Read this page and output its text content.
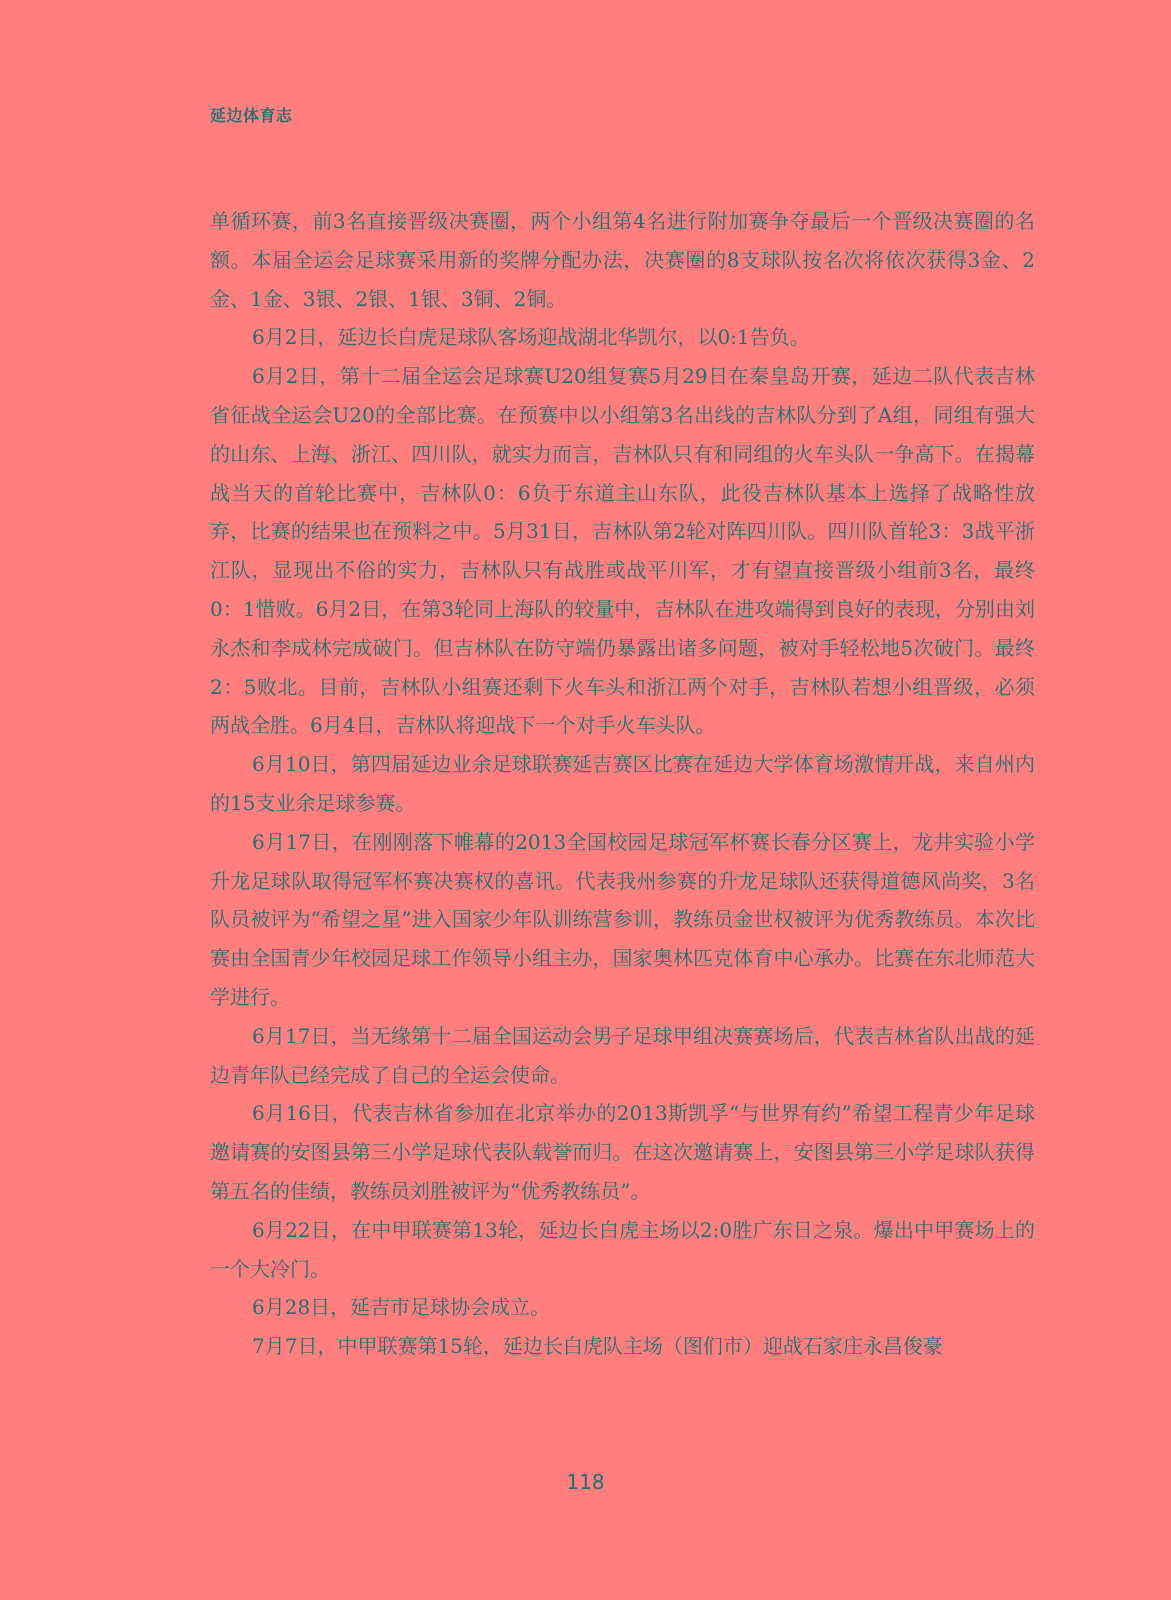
延边体育志

单循环赛，前3名直接晋级决赛圈，两个小组第4名进行附加赛争夺最后一个晋级决赛圈的名额。本届全运会足球赛采用新的奖牌分配办法，决赛圈的8支球队按名次将依次获得3金、2金、1金、3银、2银、1银、3铜、2铜。

6月2日，延边长白虎足球队客场迎战湖北华凯尔，以0:1告负。

6月2日，第十二届全运会足球赛U20组复赛5月29日在秦皇岛开赛，延边二队代表吉林省征战全运会U20的全部比赛。在预赛中以小组第3名出线的吉林队分到了A组，同组有强大的山东、上海、浙江、四川队，就实力而言，吉林队只有和同组的火车头队一争高下。在揭幕战当天的首轮比赛中，吉林队0：6负于东道主山东队，此役吉林队基本上选择了战略性放弃，比赛的结果也在预料之中。5月31日，吉林队第2轮对阵四川队。四川队首轮3：3战平浙江队，显现出不俗的实力，吉林队只有战胜或战平川军，才有望直接晋级小组前3名，最终0：1惜败。6月2日，在第3轮同上海队的较量中，吉林队在进攻端得到良好的表现，分别由刘永杰和李成林完成破门。但吉林队在防守端仍暴露出诸多问题，被对手轻松地5次破门。最终2：5败北。目前，吉林队小组赛还剩下火车头和浙江两个对手，吉林队若想小组晋级，必须两战全胜。6月4日，吉林队将迎战下一个对手火车头队。

6月10日，第四届延边业余足球联赛延吉赛区比赛在延边大学体育场激情开战，来自州内的15支业余足球参赛。

6月17日，在刚刚落下帷幕的2013全国校园足球冠军杯赛长春分区赛上，龙井实验小学升龙足球队取得冠军杯赛决赛权的喜讯。代表我州参赛的升龙足球队还获得道德风尚奖，3名队员被评为“希望之星”进入国家少年队训练营参训，教练员金世权被评为优秀教练员。本次比赛由全国青少年校园足球工作领导小组主办，国家奥林匹克体育中心承办。比赛在东北师范大学进行。

6月17日，当无缘第十二届全国运动会男子足球甲组决赛赛场后，代表吉林省队出战的延边青年队已经完成了自己的全运会使命。

6月16日，代表吉林省参加在北京举办的2013斯凯孚“与世界有约”希望工程青少年足球邀请赛的安图县第三小学足球代表队载誉而归。在这次邀请赛上，安图县第三小学足球队获得第五名的佳绩，教练员刘胜被评为“优秀教练员”。

6月22日，在中甲联赛第13轮，延边长白虎主场以2:0胜广东日之泉。爆出中甲赛场上的一个大冷门。

6月28日，延吉市足球协会成立。

7月7日，中甲联赛第15轮，延边长白虎队主场（图们市）迎战石家庄永昌俊豪

118
